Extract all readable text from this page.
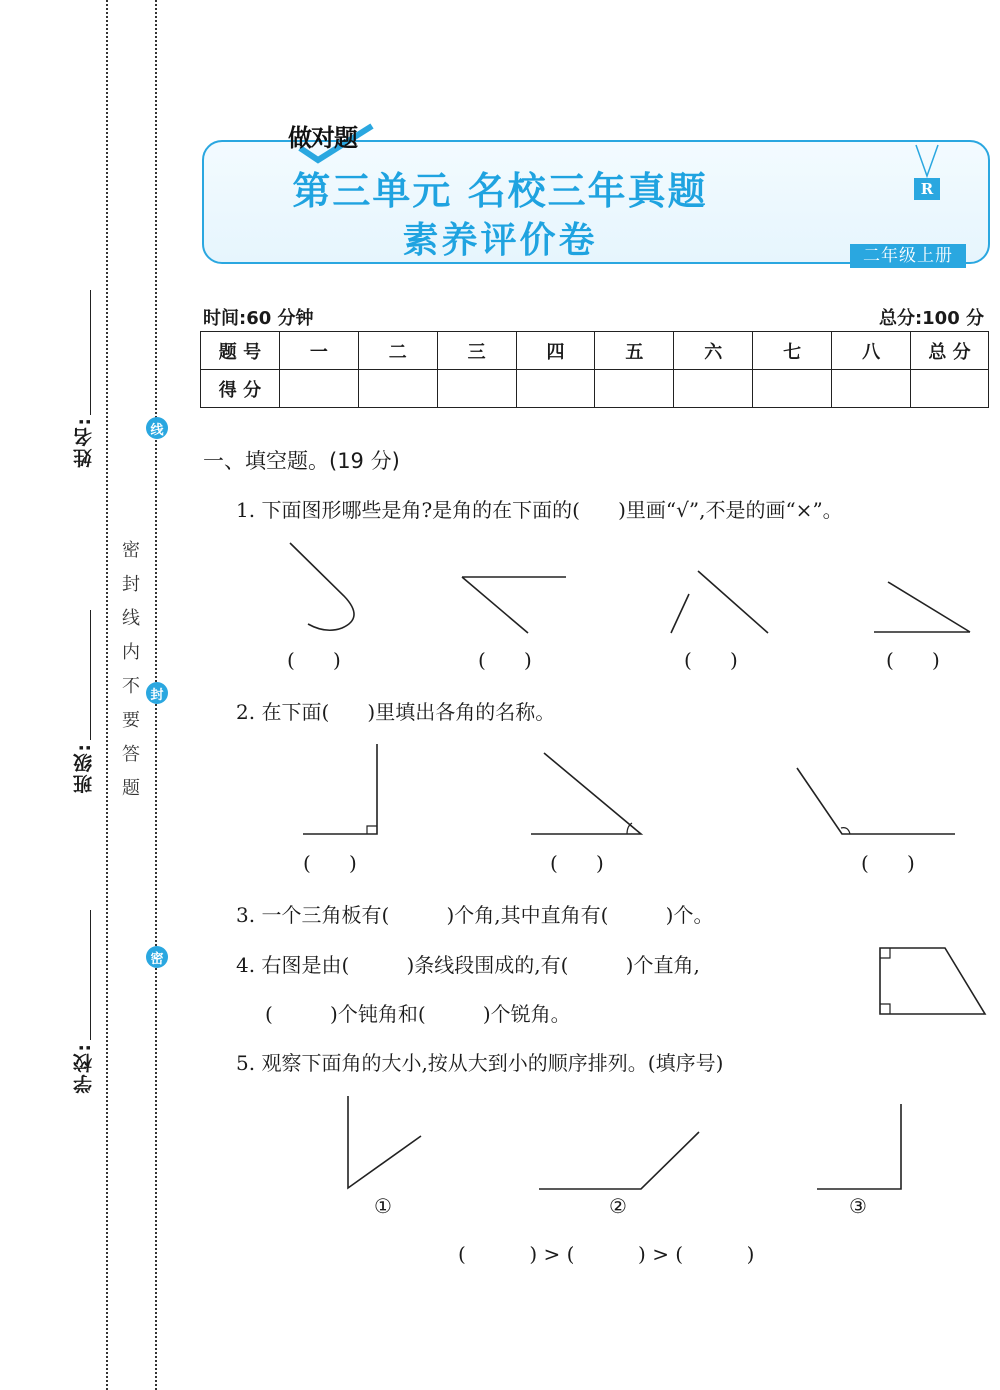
姓名:
班级:
学校:
线
封
密
密封线内不要答题
做对题
第三单元 名校三年真题
素养评价卷
R
二年级上册
时间:60 分钟	总分:100 分
题 号	一	二	三	四	五	六	七	八	总 分
得 分									
一、填空题。(19 分)
1. 下面图形哪些是角?是角的在下面的(      )里画“√”,不是的画“×”。
(      )	(      )	(      )	(      )
2. 在下面(      )里填出各角的名称。
(      )	(      )	(      )
3. 一个三角板有(         )个角,其中直角有(         )个。
4. 右图是由(         )条线段围成的,有(         )个直角,
(         )个钝角和(         )个锐角。
5. 观察下面角的大小,按从大到小的顺序排列。(填序号)
①	②	③
(          ) > (          ) > (          )
